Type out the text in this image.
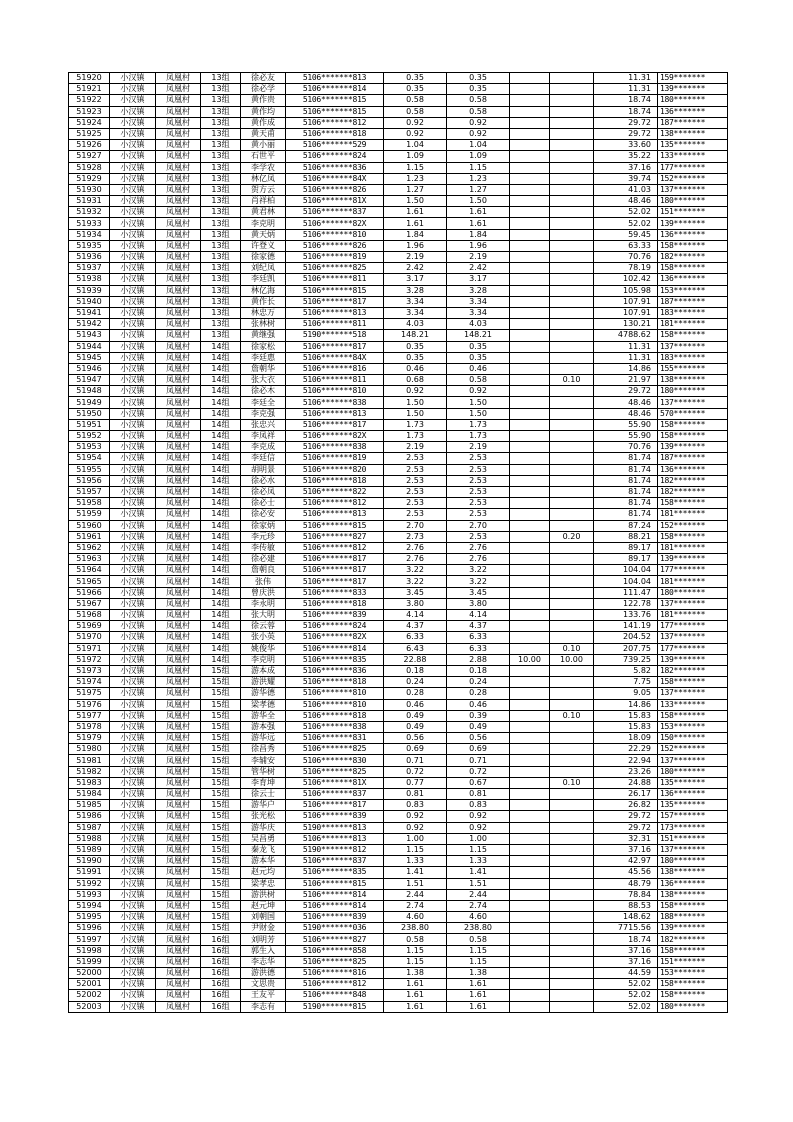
51920	小汉镇	凤凰村	13组	徐必友	5106*******813	0.35	0.35			11.31	159*******
51921	小汉镇	凤凰村	13组	徐必学	5106*******814	0.35	0.35			11.31	139*******
51922	小汉镇	凤凰村	13组	黄作贵	5106*******815	0.58	0.58			18.74	180*******
51923	小汉镇	凤凰村	13组	黄作均	5106*******815	0.58	0.58			18.74	136*******
51924	小汉镇	凤凰村	13组	黄作成	5106*******812	0.92	0.92			29.72	187*******
51925	小汉镇	凤凰村	13组	黄天甫	5106*******818	0.92	0.92			29.72	138*******
51926	小汉镇	凤凰村	13组	黄小丽	5106*******529	1.04	1.04			33.60	135*******
51927	小汉镇	凤凰村	13组	石世平	5106*******824	1.09	1.09			35.22	133*******
51928	小汉镇	凤凰村	13组	李学农	5106*******836	1.15	1.15			37.16	177*******
51929	小汉镇	凤凰村	13组	林亿凤	5106*******84X	1.23	1.23			39.74	152*******
51930	小汉镇	凤凰村	13组	贺方云	5106*******826	1.27	1.27			41.03	137*******
51931	小汉镇	凤凰村	13组	肖祥柏	5106*******81X	1.50	1.50			48.46	180*******
51932	小汉镇	凤凰村	13组	黄君林	5106*******837	1.61	1.61			52.02	151*******
51933	小汉镇	凤凰村	13组	李克明	5106*******82X	1.61	1.61			52.02	139*******
51934	小汉镇	凤凰村	13组	黄天炳	5106*******810	1.84	1.84			59.45	136*******
51935	小汉镇	凤凰村	13组	许登义	5106*******826	1.96	1.96			63.33	158*******
51936	小汉镇	凤凰村	13组	徐家德	5106*******819	2.19	2.19			70.76	182*******
51937	小汉镇	凤凰村	13组	刘纪凤	5106*******825	2.42	2.42			78.19	158*******
51938	小汉镇	凤凰村	13组	李廷凯	5106*******811	3.17	3.17			102.42	136*******
51939	小汉镇	凤凰村	13组	林亿海	5106*******815	3.28	3.28			105.98	153*******
51940	小汉镇	凤凰村	13组	黄作长	5106*******817	3.34	3.34			107.91	187*******
51941	小汉镇	凤凰村	13组	林忠万	5106*******813	3.34	3.34			107.91	183*******
51942	小汉镇	凤凰村	13组	张林树	5106*******811	4.03	4.03			130.21	181*******
51943	小汉镇	凤凰村	13组	黄继强	5190*******518	148.21	148.21			4788.62	158*******
51944	小汉镇	凤凰村	14组	徐家松	5106*******817	0.35	0.35			11.31	137*******
51945	小汉镇	凤凰村	14组	李廷惠	5106*******84X	0.35	0.35			11.31	183*******
51946	小汉镇	凤凰村	14组	詹朝华	5106*******816	0.46	0.46			14.86	155*******
51947	小汉镇	凤凰村	14组	张大衣	5106*******811	0.68	0.58		0.10	21.97	138*******
51948	小汉镇	凤凰村	14组	徐必木	5106*******810	0.92	0.92			29.72	180*******
51949	小汉镇	凤凰村	14组	李廷全	5106*******838	1.50	1.50			48.46	137*******
51950	小汉镇	凤凰村	14组	李克强	5106*******813	1.50	1.50			48.46	570*******
51951	小汉镇	凤凰村	14组	张忠兴	5106*******817	1.73	1.73			55.90	158*******
51952	小汉镇	凤凰村	14组	李凤祥	5106*******82X	1.73	1.73			55.90	158*******
51953	小汉镇	凤凰村	14组	李克成	5106*******838	2.19	2.19			70.76	139*******
51954	小汉镇	凤凰村	14组	李廷信	5106*******819	2.53	2.53			81.74	187*******
51955	小汉镇	凤凰村	14组	胡明景	5106*******820	2.53	2.53			81.74	136*******
51956	小汉镇	凤凰村	14组	徐必水	5106*******818	2.53	2.53			81.74	182*******
51957	小汉镇	凤凰村	14组	徐必凤	5106*******822	2.53	2.53			81.74	182*******
51958	小汉镇	凤凰村	14组	徐必士	5106*******812	2.53	2.53			81.74	158*******
51959	小汉镇	凤凰村	14组	徐必安	5106*******813	2.53	2.53			81.74	181*******
51960	小汉镇	凤凰村	14组	徐家炳	5106*******815	2.70	2.70			87.24	152*******
51961	小汉镇	凤凰村	14组	李元珍	5106*******827	2.73	2.53		0.20	88.21	158*******
51962	小汉镇	凤凰村	14组	李传敏	5106*******812	2.76	2.76			89.17	181*******
51963	小汉镇	凤凰村	14组	徐必建	5106*******817	2.76	2.76			89.17	139*******
51964	小汉镇	凤凰村	14组	詹朝良	5106*******817	3.22	3.22			104.04	177*******
51965	小汉镇	凤凰村	14组	张伟	5106*******817	3.22	3.22			104.04	181*******
51966	小汉镇	凤凰村	14组	曾庆洪	5106*******833	3.45	3.45			111.47	180*******
51967	小汉镇	凤凰村	14组	李永明	5106*******818	3.80	3.80			122.78	137*******
51968	小汉镇	凤凰村	14组	张大明	5106*******839	4.14	4.14			133.76	181*******
51969	小汉镇	凤凰村	14组	徐云蓉	5106*******824	4.37	4.37			141.19	177*******
51970	小汉镇	凤凰村	14组	张小英	5106*******82X	6.33	6.33			204.52	137*******
51971	小汉镇	凤凰村	14组	姚俊华	5106*******814	6.43	6.33		0.10	207.75	177*******
51972	小汉镇	凤凰村	14组	李克明	5106*******835	22.88	2.88	10.00	10.00	739.25	139*******
51973	小汉镇	凤凰村	15组	游本成	5106*******836	0.18	0.18			5.82	182*******
51974	小汉镇	凤凰村	15组	游洪耀	5106*******818	0.24	0.24			7.75	158*******
51975	小汉镇	凤凰村	15组	游华德	5106*******810	0.28	0.28			9.05	137*******
51976	小汉镇	凤凰村	15组	梁孝德	5106*******810	0.46	0.46			14.86	133*******
51977	小汉镇	凤凰村	15组	游华全	5106*******818	0.49	0.39		0.10	15.83	158*******
51978	小汉镇	凤凰村	15组	游本强	5106*******838	0.49	0.49			15.83	153*******
51979	小汉镇	凤凰村	15组	游华远	5106*******831	0.56	0.56			18.09	150*******
51980	小汉镇	凤凰村	15组	徐昌秀	5106*******825	0.69	0.69			22.29	152*******
51981	小汉镇	凤凰村	15组	李辅安	5106*******830	0.71	0.71			22.94	137*******
51982	小汉镇	凤凰村	15组	管华树	5106*******825	0.72	0.72			23.26	180*******
51983	小汉镇	凤凰村	15组	李育坤	5106*******81X	0.77	0.67		0.10	24.88	135*******
51984	小汉镇	凤凰村	15组	徐云士	5106*******837	0.81	0.81			26.17	136*******
51985	小汉镇	凤凰村	15组	游华户	5106*******817	0.83	0.83			26.82	135*******
51986	小汉镇	凤凰村	15组	张光松	5106*******839	0.92	0.92			29.72	157*******
51987	小汉镇	凤凰村	15组	游华庆	5190*******813	0.92	0.92			29.72	173*******
51988	小汉镇	凤凰村	15组	吴昌勇	5106*******813	1.00	1.00			32.31	151*******
51989	小汉镇	凤凰村	15组	秦龙飞	5190*******812	1.15	1.15			37.16	137*******
51990	小汉镇	凤凰村	15组	游本华	5106*******837	1.33	1.33			42.97	180*******
51991	小汉镇	凤凰村	15组	赵元均	5106*******835	1.41	1.41			45.56	138*******
51992	小汉镇	凤凰村	15组	梁孝忠	5106*******815	1.51	1.51			48.79	136*******
51993	小汉镇	凤凰村	15组	游洪树	5106*******814	2.44	2.44			78.84	138*******
51994	小汉镇	凤凰村	15组	赵元坤	5106*******814	2.74	2.74			88.53	158*******
51995	小汉镇	凤凰村	15组	刘朝国	5106*******839	4.60	4.60			148.62	188*******
51996	小汉镇	凤凰村	15组	尹财金	5190*******036	238.80	238.80			7715.56	139*******
51997	小汉镇	凤凰村	16组	刘明芳	5106*******827	0.58	0.58			18.74	182*******
51998	小汉镇	凤凰村	16组	郭生入	5106*******858	1.15	1.15			37.16	158*******
51999	小汉镇	凤凰村	16组	李志华	5106*******825	1.15	1.15			37.16	151*******
52000	小汉镇	凤凰村	16组	游洪德	5106*******816	1.38	1.38			44.59	153*******
52001	小汉镇	凤凰村	16组	文思贵	5106*******812	1.61	1.61			52.02	158*******
52002	小汉镇	凤凰村	16组	王友平	5106*******848	1.61	1.61			52.02	158*******
52003	小汉镇	凤凰村	16组	李志有	5190*******815	1.61	1.61			52.02	180*******
